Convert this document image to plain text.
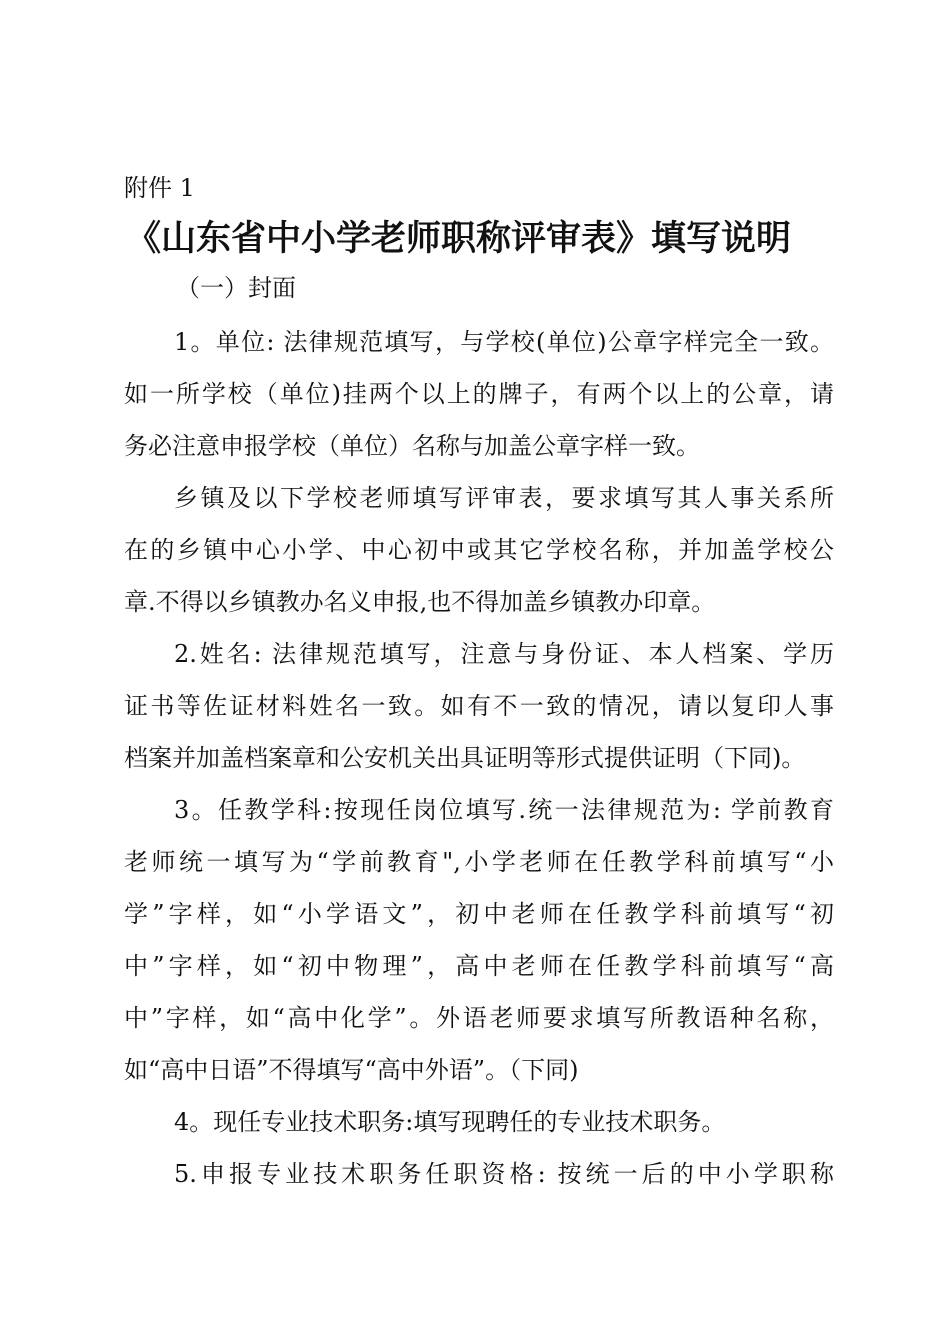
附件 1
《山东省中小学老师职称评审表》填写说明
（一）封面
1。单位: 法律规范填写，与学校(单位)公章字样完全一致。
如一所学校（单位)挂两个以上的牌子，有两个以上的公章，请
务必注意申报学校（单位）名称与加盖公章字样一致。
乡镇及以下学校老师填写评审表，要求填写其人事关系所
在的乡镇中心小学、中心初中或其它学校名称，并加盖学校公
章.不得以乡镇教办名义申报,也不得加盖乡镇教办印章。
2.姓名: 法律规范填写，注意与身份证、本人档案、学历
证书等佐证材料姓名一致。如有不一致的情况，请以复印人事
档案并加盖档案章和公安机关出具证明等形式提供证明（下同)。
3。任教学科:按现任岗位填写.统一法律规范为: 学前教育
老师统一填写为“学前教育",小学老师在任教学科前填写“小
学”字样，如“小学语文”，初中老师在任教学科前填写“初
中”字样，如“初中物理”，高中老师在任教学科前填写“高
中”字样，如“高中化学”。外语老师要求填写所教语种名称，
如“高中日语”不得填写“高中外语”。（下同)
4。现任专业技术职务:填写现聘任的专业技术职务。
5.申报专业技术职务任职资格: 按统一后的中小学职称
